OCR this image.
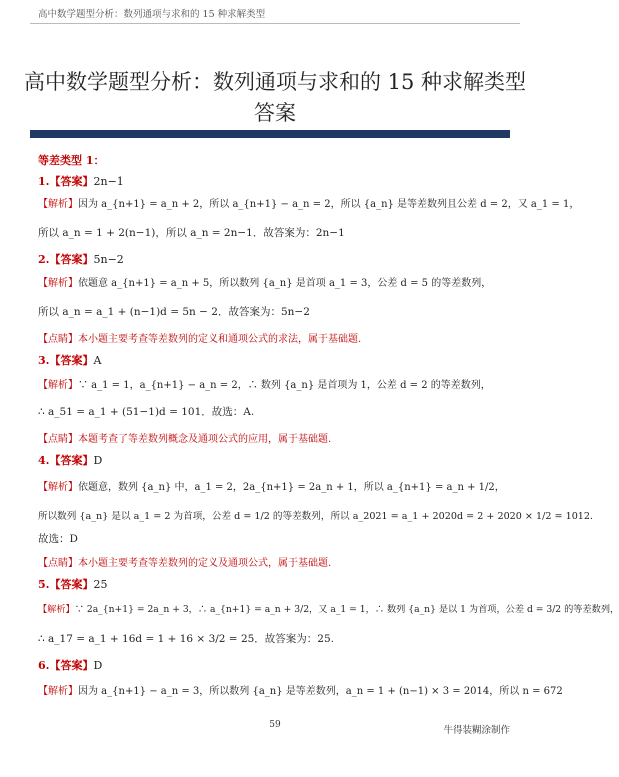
高中数学题型分析：数列通项与求和的 15 种求解类型
高中数学题型分析：数列通项与求和的 15 种求解类型
答案
等差类型 1：
1.【答案】2n−1
【解析】因为 a_{n+1} = a_n + 2，所以 a_{n+1} − a_n = 2，所以 {a_n} 是等差数列且公差 d = 2，又 a_1 = 1，
所以 a_n = 1 + 2(n−1)，所以 a_n = 2n−1．故答案为：2n−1
2.【答案】5n−2
【解析】依题意 a_{n+1} = a_n + 5，所以数列 {a_n} 是首项 a_1 = 3，公差 d = 5 的等差数列，
所以 a_n = a_1 + (n−1)d = 5n − 2．故答案为：5n−2
【点睛】本小题主要考查等差数列的定义和通项公式的求法，属于基础题.
3.【答案】A
【解析】∵ a_1 = 1，a_{n+1} − a_n = 2，∴ 数列 {a_n} 是首项为 1，公差 d = 2 的等差数列，
∴ a_51 = a_1 + (51−1)d = 101．故选：A.
【点睛】本题考查了等差数列概念及通项公式的应用，属于基础题.
4.【答案】D
【解析】依题意，数列 {a_n} 中，a_1 = 2，2a_{n+1} = 2a_n + 1，所以 a_{n+1} = a_n + 1/2，
所以数列 {a_n} 是以 a_1 = 2 为首项，公差 d = 1/2 的等差数列，所以 a_2021 = a_1 + 2020d = 2 + 2020 × 1/2 = 1012．
故选：D
【点睛】本小题主要考查等差数列的定义及通项公式，属于基础题.
5.【答案】25
【解析】∵ 2a_{n+1} = 2a_n + 3，∴ a_{n+1} = a_n + 3/2，又 a_1 = 1，∴ 数列 {a_n} 是以 1 为首项，公差 d = 3/2 的等差数列，
∴ a_17 = a_1 + 16d = 1 + 16 × 3/2 = 25．故答案为：25.
6.【答案】D
【解析】因为 a_{n+1} − a_n = 3，所以数列 {a_n} 是等差数列，a_n = 1 + (n−1) × 3 = 2014，所以 n = 672
59	牛得装糊涂制作
